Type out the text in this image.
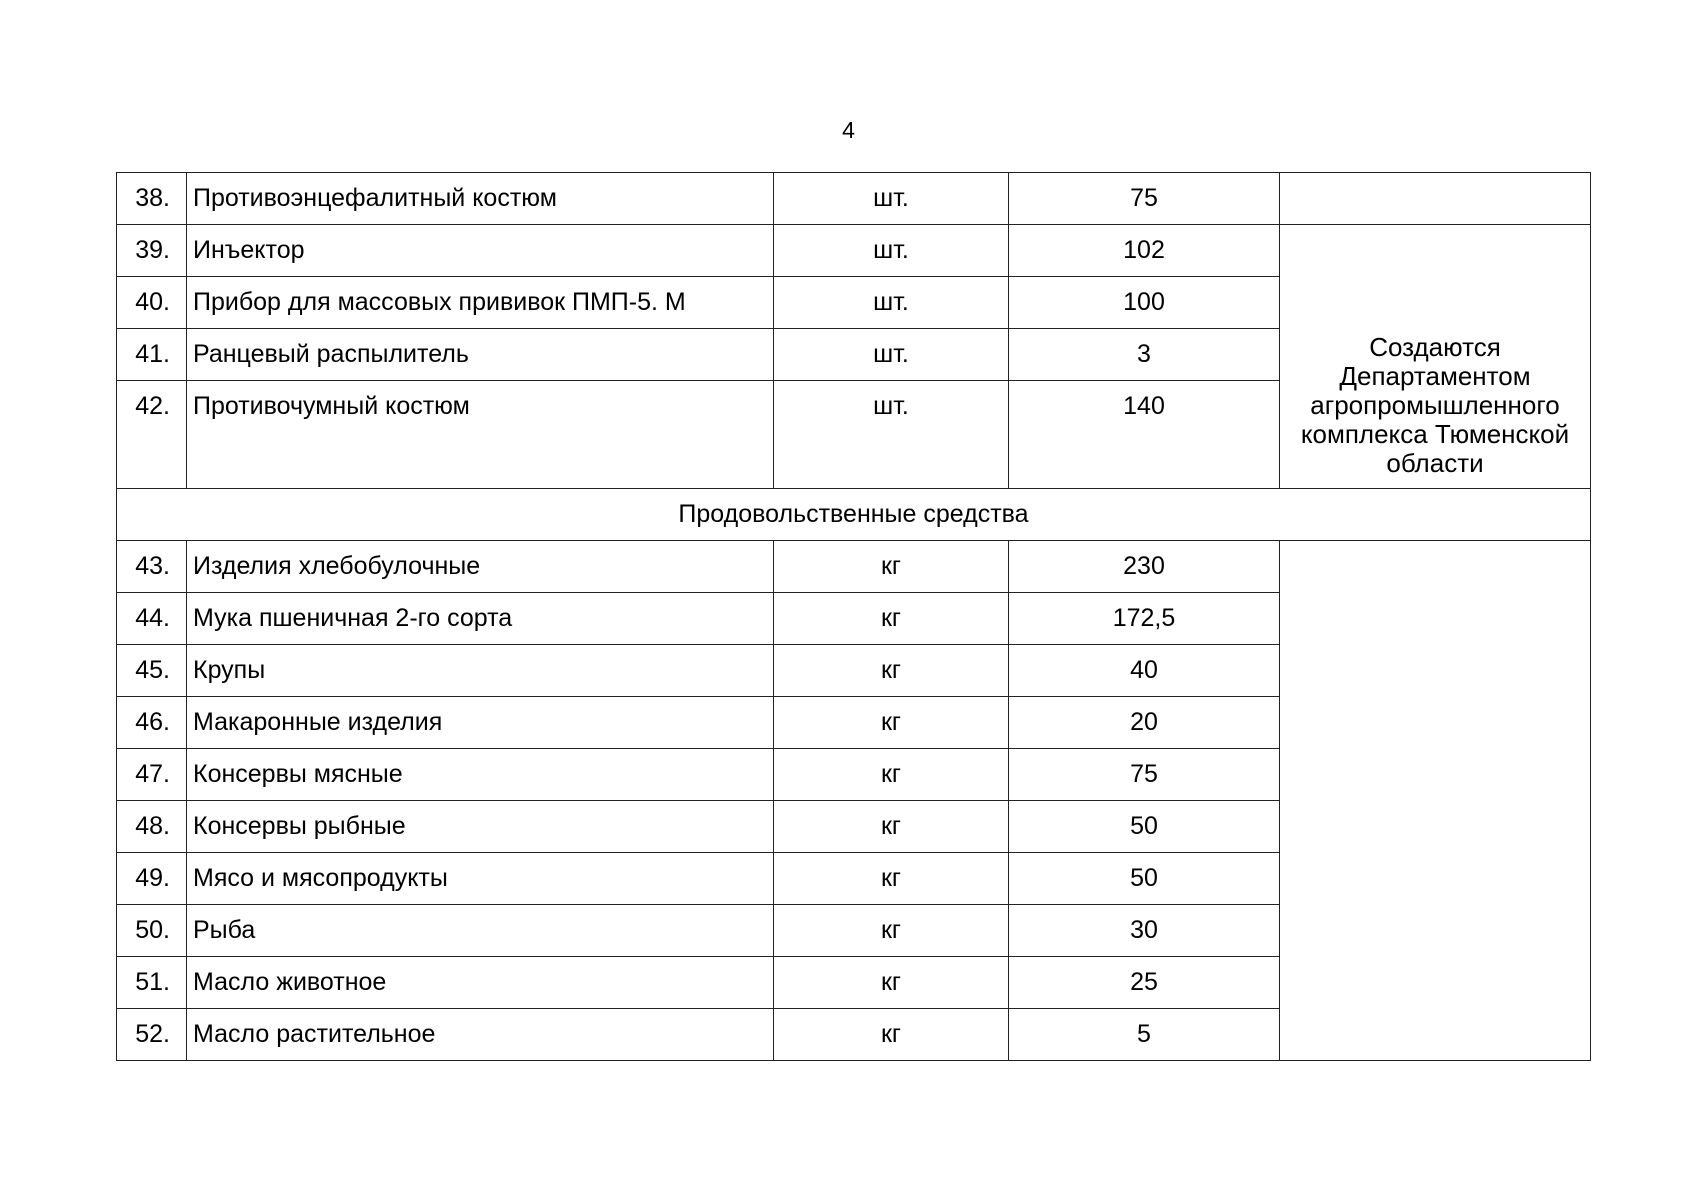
4
38.	Противоэнцефалитный костюм	шт.	75	
39.	Инъектор	шт.	102	Создаются Департаментом агропромышленного комплекса Тюменской области
40.	Прибор для массовых прививок ПМП-5. М	шт.	100	
41.	Ранцевый распылитель	шт.	3	
42.	Противочумный костюм	шт.	140	
Продовольственные средства				
43.	Изделия хлебобулочные	кг	230	
44.	Мука пшеничная 2-го сорта	кг	172,5	
45.	Крупы	кг	40	
46.	Макаронные изделия	кг	20	
47.	Консервы мясные	кг	75	
48.	Консервы рыбные	кг	50	
49.	Мясо и мясопродукты	кг	50	
50.	Рыба	кг	30	
51.	Масло животное	кг	25	
52.	Масло растительное	кг	5	
